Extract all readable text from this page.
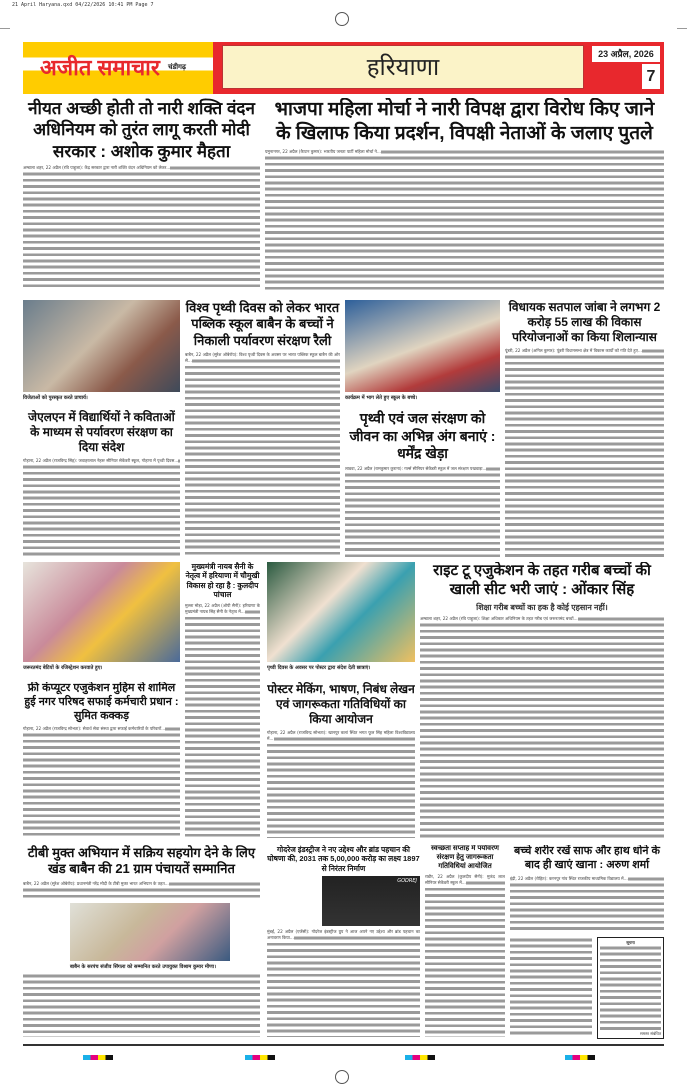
21 April Haryana.qxd 04/22/2026 10:41 PM Page 7
अजीत समाचार	चंडीगढ़	हरियाणा	23 अप्रैल, 2026
7
नीयत अच्छी होती तो नारी शक्ति वंदन अधिनियम को तुरंत लागू करती मोदी सरकार : अशोक कुमार मैहता
अम्बाला शहर, 22 अप्रैल (रवि पाहुजा): केंद्र सरकार द्वारा नारी शक्ति वंदन अधिनियम को लेकर...
भाजपा महिला मोर्चा ने नारी विपक्ष द्वारा विरोध किए जाने के खिलाफ किया प्रदर्शन, विपक्षी नेताओं के जलाए पुतले
यमुनानगर, 22 अप्रैल (कैप्टन कुमार): भारतीय जनता पार्टी महिला मोर्चा ने...
विजेताओं को पुरस्कृत करते प्राचार्य।
विश्व पृथ्वी दिवस को लेकर भारत पब्लिक स्कूल बाबैन के बच्चों ने निकाली पर्यावरण संरक्षण रैली
बाबैन, 22 अप्रैल (सुरेश ओबेरॉय): विश्व पृथ्वी दिवस के अवसर पर भारत पब्लिक स्कूल बाबैन की ओर से...
कार्यक्रम में भाग लेते हुए स्कूल के बच्चे।
विधायक सतपाल जांबा ने लगभग 2 करोड़ 55 लाख की विकास परियोजनाओं का किया शिलान्यास
पूंडरी, 22 अप्रैल (अनिल कुमार): पूंडरी विधानसभा क्षेत्र में विकास कार्यों को गति देते हुए...
जेएलएन में विद्यार्थियों ने कविताओं के माध्यम से पर्यावरण संरक्षण का दिया संदेश
गोहाना, 22 अप्रैल (राजविन्द्र सिंह): जवाहरलाल नेहरू सीनियर सेकेंडरी स्कूल, गोहाना में पृथ्वी दिवस...
पृथ्वी एवं जल संरक्षण को जीवन का अभिन्न अंग बनाएं : धर्मेंद्र खेड़ा
लाडवा, 22 अप्रैल (रामकुमार कुराना): गर्ल्स सीनियर सेकेंडरी स्कूल में जल संरक्षण पखवाड़ा...
जरूरतमंद बेटियों के रजिस्ट्रेशन करवाते हुए।
मुख्यमंत्री नायब सैनी के नेतृत्व में हरियाणा में चौमुखी विकास हो रहा है : कुलदीप पांचाल
मुल्ला मोड़ा, 22 अप्रैल (ओपी सैनी): हरियाणा के मुख्यमंत्री नायब सिंह सैनी के नेतृत्व में...
पृथ्वी दिवस के अवसर पर पोस्टर द्वारा संदेश देती छात्राएं।
राइट टू एजुकेशन के तहत गरीब बच्चों की खाली सीट भरी जाएं : ओंकार सिंह
शिक्षा गरीब बच्चों का हक है कोई एहसान नहीं।
अम्बाला शहर, 22 अप्रैल (रवि पाहुजा): शिक्षा अधिकार अधिनियम के तहत गरीब एवं जरूरतमंद बच्चों...
फ्री कंप्यूटर एजुकेशन मुहिम से शामिल हुई नगर परिषद सफाई कर्मचारी प्रधान : सुमित कक्कड़
गोहाना, 22 अप्रैल (राजविन्द्र सोभता): सेवार्थ सेवा संस्था द्वारा सफाई कर्मचारियों के परिवारों...
पोस्टर मेकिंग, भाषण, निबंध लेखन एवं जागरूकता गतिविधियों का किया आयोजन
गोहाना, 22 अप्रैल (राजविन्द्र सोभता): खानपुर कलां स्थित भगत फूल सिंह महिला विश्वविद्यालय में...
टीबी मुक्त अभियान में सक्रिय सहयोग देने के लिए खंड बाबैन की 21 ग्राम पंचायतें सम्मानित
बाबैन, 22 अप्रैल (सुरेश ओबेरॉय): प्रधानमंत्री नरेंद्र मोदी के टीबी मुक्त भारत अभियान के तहत...
बाबैन के सरपंच संजीव सिंगला को सम्मानित करते उपायुक्त विश्राम कुमार मीणा।
गोदरेज इंडस्ट्रीज ने नए उद्देश्य और ब्रांड पहचान की घोषणा की, 2031 तक 5,00,000 करोड़ का लक्ष्य 1897 से निरंतर निर्माण
GODREJ
मुंबई, 22 अप्रैल (एजेंसी): गोदरेज इंडस्ट्रीज ग्रुप ने आज अपने नए उद्देश्य और ब्रांड पहचान का अनावरण किया...
स्वच्छता सप्ताह में पर्यावरण संरक्षण हेतु जागरूकता गतिविधियां आयोजित
राडौर, 22 अप्रैल (कुलदीप सैनी): मुकंद लाल सीनियर सेकेंडरी स्कूल में...
बच्चे शरीर रखें साफ और हाथ धोने के बाद ही खाएं खाना : अरुण शर्मा
इंद्री, 22 अप्रैल (रोहित): करनपुर गांव स्थित राजकीय माध्यमिक विद्यालय में...
सूचना
समस्त संबंधित
